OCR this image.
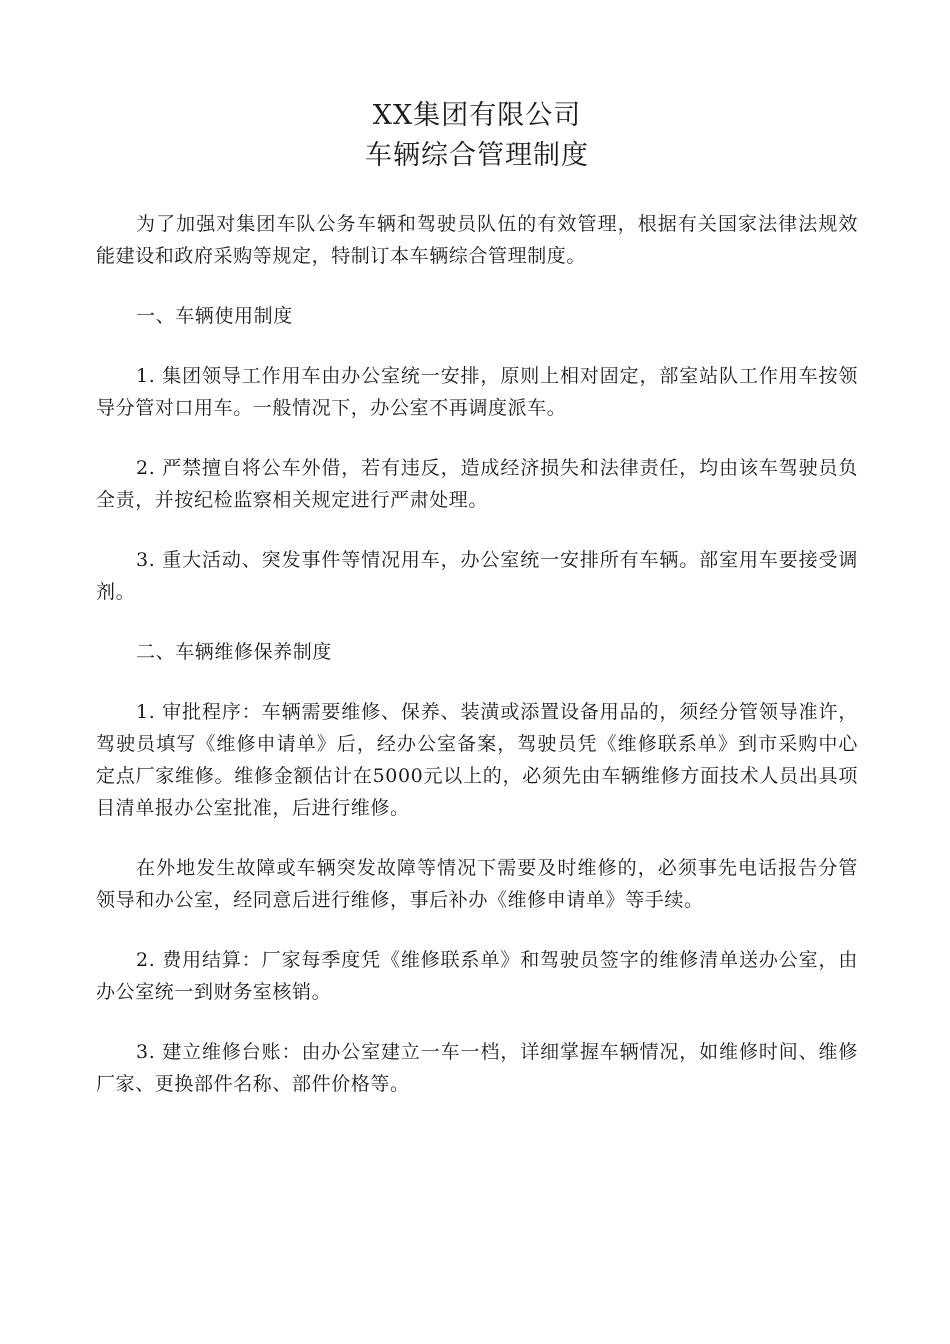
XX集团有限公司
车辆综合管理制度

为了加强对集团车队公务车辆和驾驶员队伍的有效管理，根据有关国家法律法规效能建设和政府采购等规定，特制订本车辆综合管理制度。

一、车辆使用制度

1. 集团领导工作用车由办公室统一安排，原则上相对固定，部室站队工作用车按领导分管对口用车。一般情况下，办公室不再调度派车。

2. 严禁擅自将公车外借，若有违反，造成经济损失和法律责任，均由该车驾驶员负全责，并按纪检监察相关规定进行严肃处理。

3. 重大活动、突发事件等情况用车，办公室统一安排所有车辆。部室用车要接受调剂。

二、车辆维修保养制度

1. 审批程序：车辆需要维修、保养、装潢或添置设备用品的，须经分管领导准许，驾驶员填写《维修申请单》后，经办公室备案，驾驶员凭《维修联系单》到市采购中心定点厂家维修。维修金额估计在5000元以上的，必须先由车辆维修方面技术人员出具项目清单报办公室批准，后进行维修。

在外地发生故障或车辆突发故障等情况下需要及时维修的，必须事先电话报告分管领导和办公室，经同意后进行维修，事后补办《维修申请单》等手续。

2. 费用结算：厂家每季度凭《维修联系单》和驾驶员签字的维修清单送办公室，由办公室统一到财务室核销。

3. 建立维修台账：由办公室建立一车一档，详细掌握车辆情况，如维修时间、维修厂家、更换部件名称、部件价格等。
